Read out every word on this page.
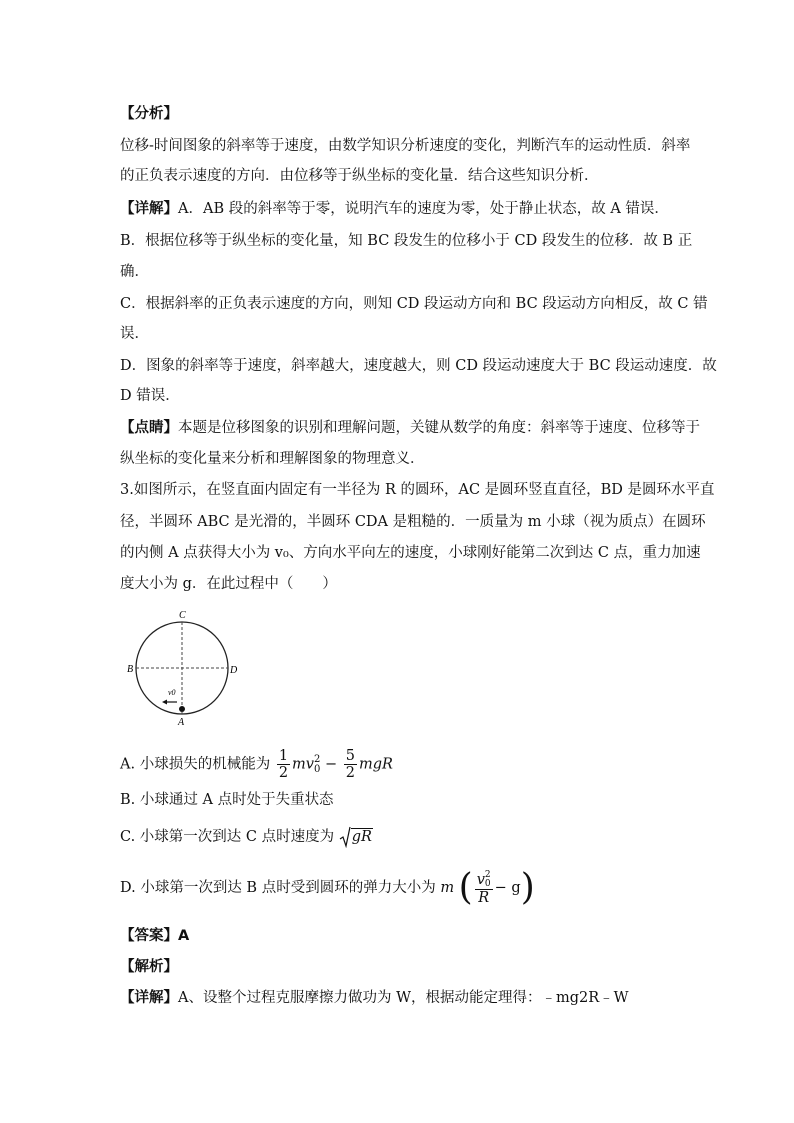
【分析】
位移-时间图象的斜率等于速度，由数学知识分析速度的变化，判断汽车的运动性质．斜率
的正负表示速度的方向．由位移等于纵坐标的变化量．结合这些知识分析．
【详解】A．AB 段的斜率等于零，说明汽车的速度为零，处于静止状态，故 A 错误．
B．根据位移等于纵坐标的变化量，知 BC 段发生的位移小于 CD 段发生的位移．故 B 正
确．
C．根据斜率的正负表示速度的方向，则知 CD 段运动方向和 BC 段运动方向相反，故 C 错
误．
D．图象的斜率等于速度，斜率越大，速度越大，则 CD 段运动速度大于 BC 段运动速度．故
D 错误．
【点睛】本题是位移图象的识别和理解问题，关键从数学的角度：斜率等于速度、位移等于
纵坐标的变化量来分析和理解图象的物理意义．
3.如图所示，在竖直面内固定有一半径为 R 的圆环，AC 是圆环竖直直径，BD 是圆环水平直
径，半圆环 ABC 是光滑的，半圆环 CDA 是粗糙的．一质量为 m 小球（视为质点）在圆环
的内侧 A 点获得大小为 v₀、方向水平向左的速度，小球刚好能第二次到达 C 点，重力加速
度大小为 g．在此过程中（　　）
C
B	D
A
v0
A. 小球损失的机械能为 $\frac{1}{2}$ mv 2
$0 - \frac{5}{2}$ mgR
B. 小球通过 A 点时处于失重状态
C. 小球第一次到达 C 点时速度为 gR
D. 小球第一次到达 B 点时受到圆环的弹力大小为 m ( v 2
0
R − g)
【答案】A
【解析】
【详解】A、设整个过程克服摩擦力做功为 W，根据动能定理得：﹣mg2R﹣W
